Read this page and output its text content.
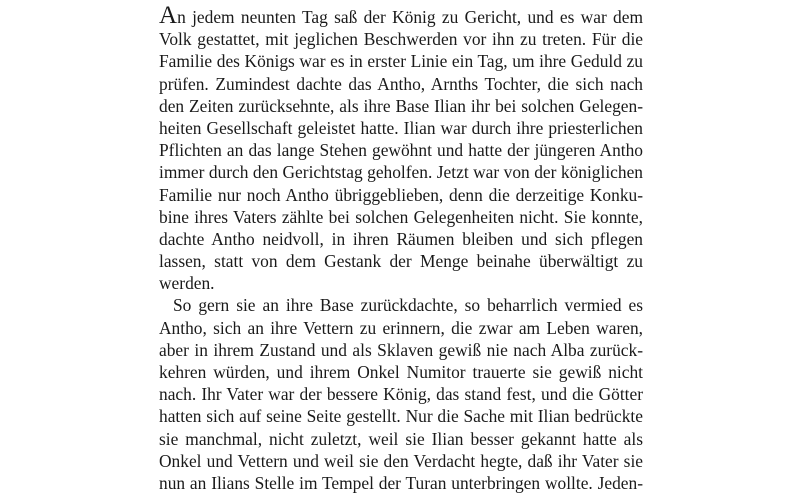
An jedem neunten Tag saß der König zu Gericht, und es war dem
Volk gestattet, mit jeglichen Beschwerden vor ihn zu treten. Für die
Familie des Königs war es in erster Linie ein Tag, um ihre Geduld zu
prüfen. Zumindest dachte das Antho, Arnths Tochter, die sich nach
den Zeiten zurücksehnte, als ihre Base Ilian ihr bei solchen Gelegen-
heiten Gesellschaft geleistet hatte. Ilian war durch ihre priesterlichen
Pflichten an das lange Stehen gewöhnt und hatte der jüngeren Antho
immer durch den Gerichtstag geholfen. Jetzt war von der königlichen
Familie nur noch Antho übriggeblieben, denn die derzeitige Konku-
bine ihres Vaters zählte bei solchen Gelegenheiten nicht. Sie konnte,
dachte Antho neidvoll, in ihren Räumen bleiben und sich pflegen
lassen, statt von dem Gestank der Menge beinahe überwältigt zu
werden.
So gern sie an ihre Base zurückdachte, so beharrlich vermied es
Antho, sich an ihre Vettern zu erinnern, die zwar am Leben waren,
aber in ihrem Zustand und als Sklaven gewiß nie nach Alba zurück-
kehren würden, und ihrem Onkel Numitor trauerte sie gewiß nicht
nach. Ihr Vater war der bessere König, das stand fest, und die Götter
hatten sich auf seine Seite gestellt. Nur die Sache mit Ilian bedrückte
sie manchmal, nicht zuletzt, weil sie Ilian besser gekannt hatte als
Onkel und Vettern und weil sie den Verdacht hegte, daß ihr Vater sie
nun an Ilians Stelle im Tempel der Turan unterbringen wollte. Jeden-
